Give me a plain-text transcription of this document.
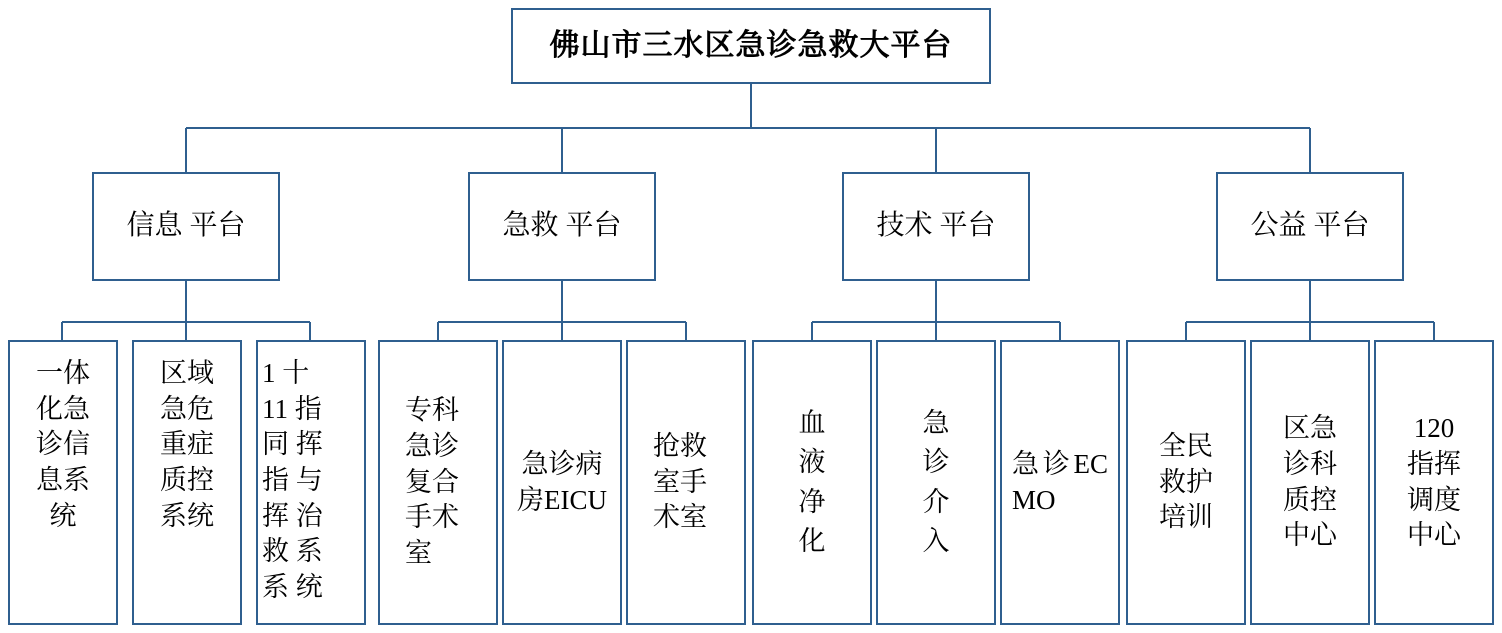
佛山市三水区急诊急救大平台
信息 平台	急救 平台	技术 平台	公益 平台
一体
化急
诊信
息系
统
区域
急危
重症
质控
系统
1 十
11 指
同 挥
指 与
挥 治
救 系
系 统
专科急诊复合手术室
急诊病房EICU
抢救室手术室
血液净化
急诊介入
急诊ECMO
全民救护培训
区急诊科质控中心
120指挥调度中心
